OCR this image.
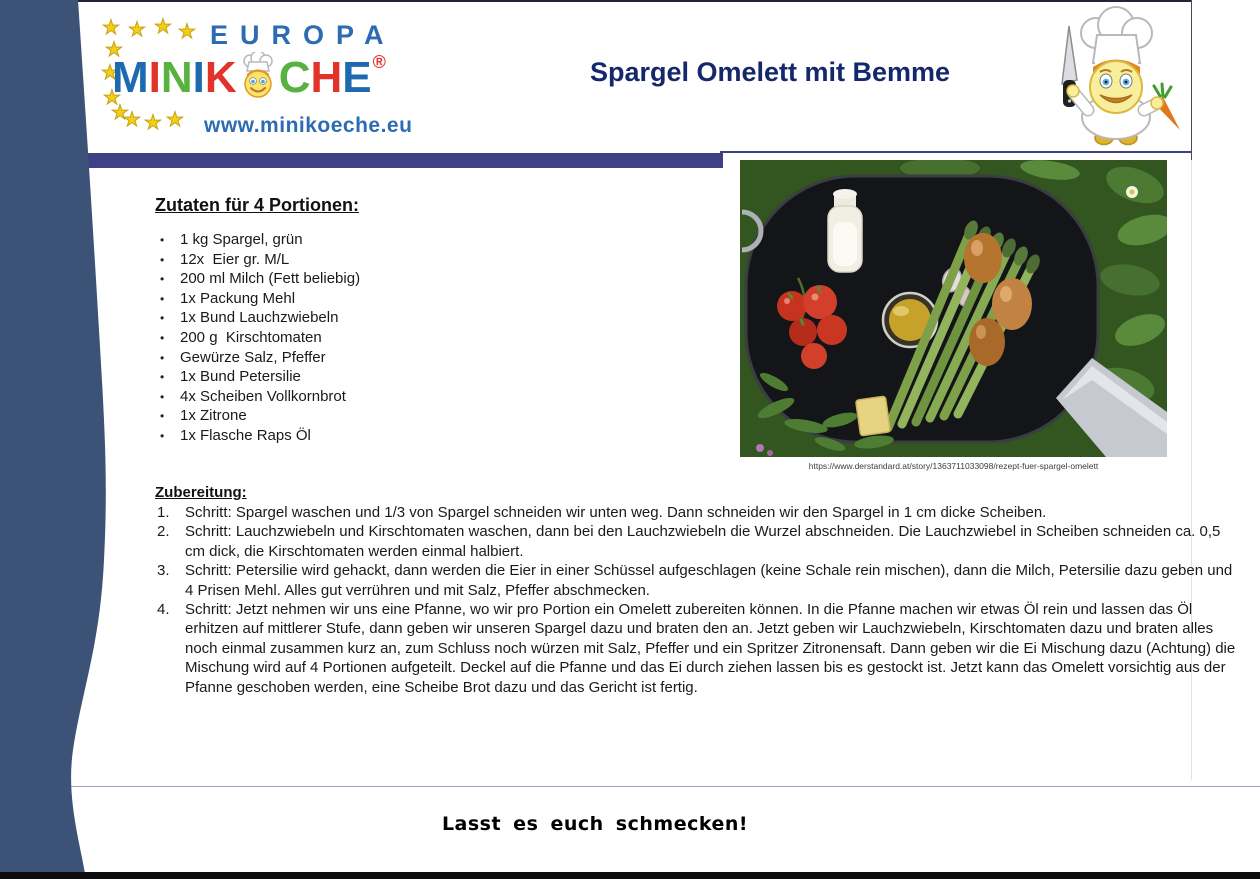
★
★
★
★
★
★
★
★
★
★
★
EUROPA
MINIK CHE ®
www.minikoeche.eu
Spargel Omelett mit Bemme
Zutaten für 4 Portionen:
• 1 kg Spargel, grün
• 12x  Eier gr. M/L
• 200 ml Milch (Fett beliebig)
• 1x Packung Mehl
• 1x Bund Lauchzwiebeln
• 200 g  Kirschtomaten
• Gewürze Salz, Pfeffer
• 1x Bund Petersilie
• 4x Scheiben Vollkornbrot
• 1x Zitrone
• 1x Flasche Raps Öl
https://www.derstandard.at/story/1363711033098/rezept-fuer-spargel-omelett
Zubereitung:
Schritt: Spargel waschen und 1/3 von Spargel schneiden wir unten weg. Dann schneiden wir den Spargel in 1 cm dicke Scheiben.
Schritt: Lauchzwiebeln und Kirschtomaten waschen, dann bei den Lauchzwiebeln die Wurzel abschneiden. Die Lauchzwiebel in Scheiben schneiden ca. 0,5 cm dick, die Kirschtomaten werden einmal halbiert.
Schritt: Petersilie wird gehackt, dann werden die Eier in einer Schüssel aufgeschlagen (keine Schale rein mischen), dann die Milch, Petersilie dazu geben und 4 Prisen Mehl. Alles gut verrühren und mit Salz, Pfeffer abschmecken.
Schritt: Jetzt nehmen wir uns eine Pfanne, wo wir pro Portion ein Omelett zubereiten können. In die Pfanne machen wir etwas Öl rein und lassen das Öl erhitzen auf mittlerer Stufe, dann geben wir unseren Spargel dazu und braten den an. Jetzt geben wir Lauchzwiebeln, Kirschtomaten dazu und braten alles noch einmal zusammen kurz an, zum Schluss noch würzen mit Salz, Pfeffer und ein Spritzer Zitronensaft. Dann geben wir die Ei Mischung dazu (Achtung) die Mischung wird auf 4 Portionen aufgeteilt. Deckel auf die Pfanne und das Ei durch ziehen lassen bis es gestockt ist. Jetzt kann das Omelett vorsichtig aus der Pfanne geschoben werden, eine Scheibe Brot dazu und das Gericht ist fertig.
Lasst es euch schmecken!
